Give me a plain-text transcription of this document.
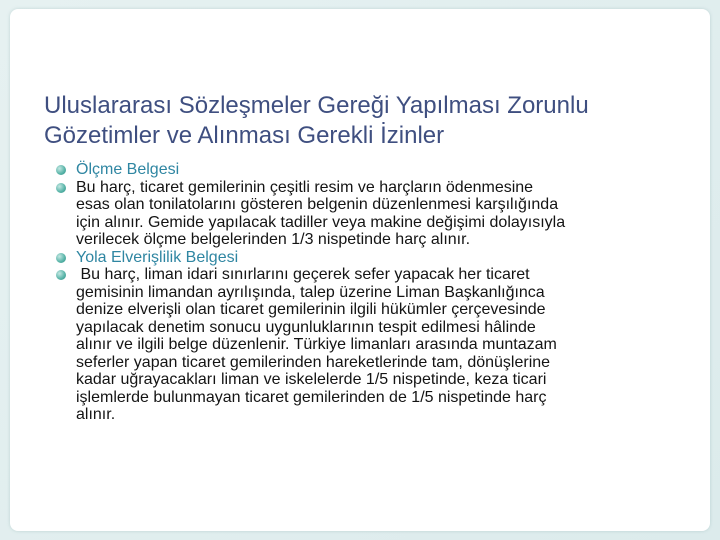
Uluslararası Sözleşmeler Gereği Yapılması Zorunlu
Gözetimler ve Alınması Gerekli İzinler
Ölçme Belgesi
Bu harç, ticaret gemilerinin çeşitli resim ve harçların ödenmesine
esas olan tonilatolarını gösteren belgenin düzenlenmesi karşılığında
için alınır. Gemide yapılacak tadiller veya makine değişimi dolayısıyla
verilecek ölçme belgelerinden 1/3 nispetinde harç alınır.
Yola Elverişlilik Belgesi
Bu harç, liman idari sınırlarını geçerek sefer yapacak her ticaret
gemisinin limandan ayrılışında, talep üzerine Liman Başkanlığınca
denize elverişli olan ticaret gemilerinin ilgili hükümler çerçevesinde
yapılacak denetim sonucu uygunluklarının tespit edilmesi hâlinde
alınır ve ilgili belge düzenlenir. Türkiye limanları arasında muntazam
seferler yapan ticaret gemilerinden hareketlerinde tam, dönüşlerine
kadar uğrayacakları liman ve iskelelerde 1/5 nispetinde, keza ticari
işlemlerde bulunmayan ticaret gemilerinden de 1/5 nispetinde harç
alınır.
